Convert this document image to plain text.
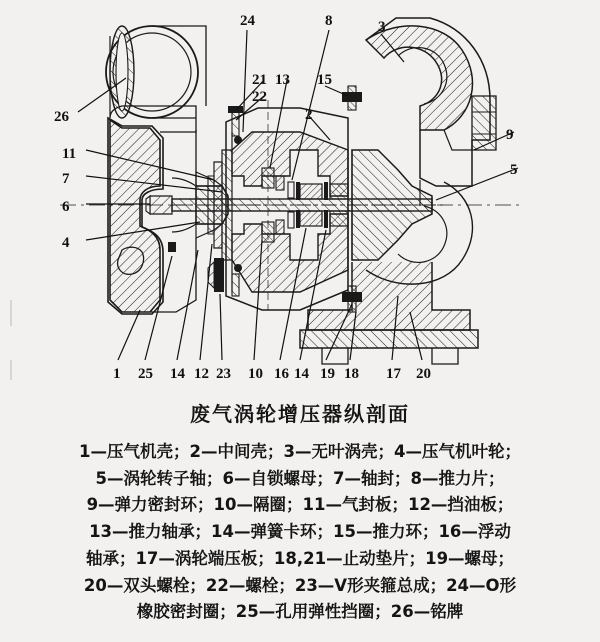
24	8	3
21 13 15
22
2
26
9
11
5
7
6
4
1 25 14 12 23 10 16 14 19 18 17 20
废气涡轮增压器纵剖面
1—压气机壳；2—中间壳；3—无叶涡壳；4—压气机叶轮；
5—涡轮转子轴；6—自锁螺母；7—轴封；8—推力片；
9—弹力密封环；10—隔圈；11—气封板；12—挡油板；
13—推力轴承；14—弹簧卡环；15—推力环；16—浮动
轴承；17—涡轮端压板；18,21—止动垫片；19—螺母；
20—双头螺栓；22—螺栓；23—V形夹箍总成；24—O形
橡胶密封圈；25—孔用弹性挡圈；26—铭牌
